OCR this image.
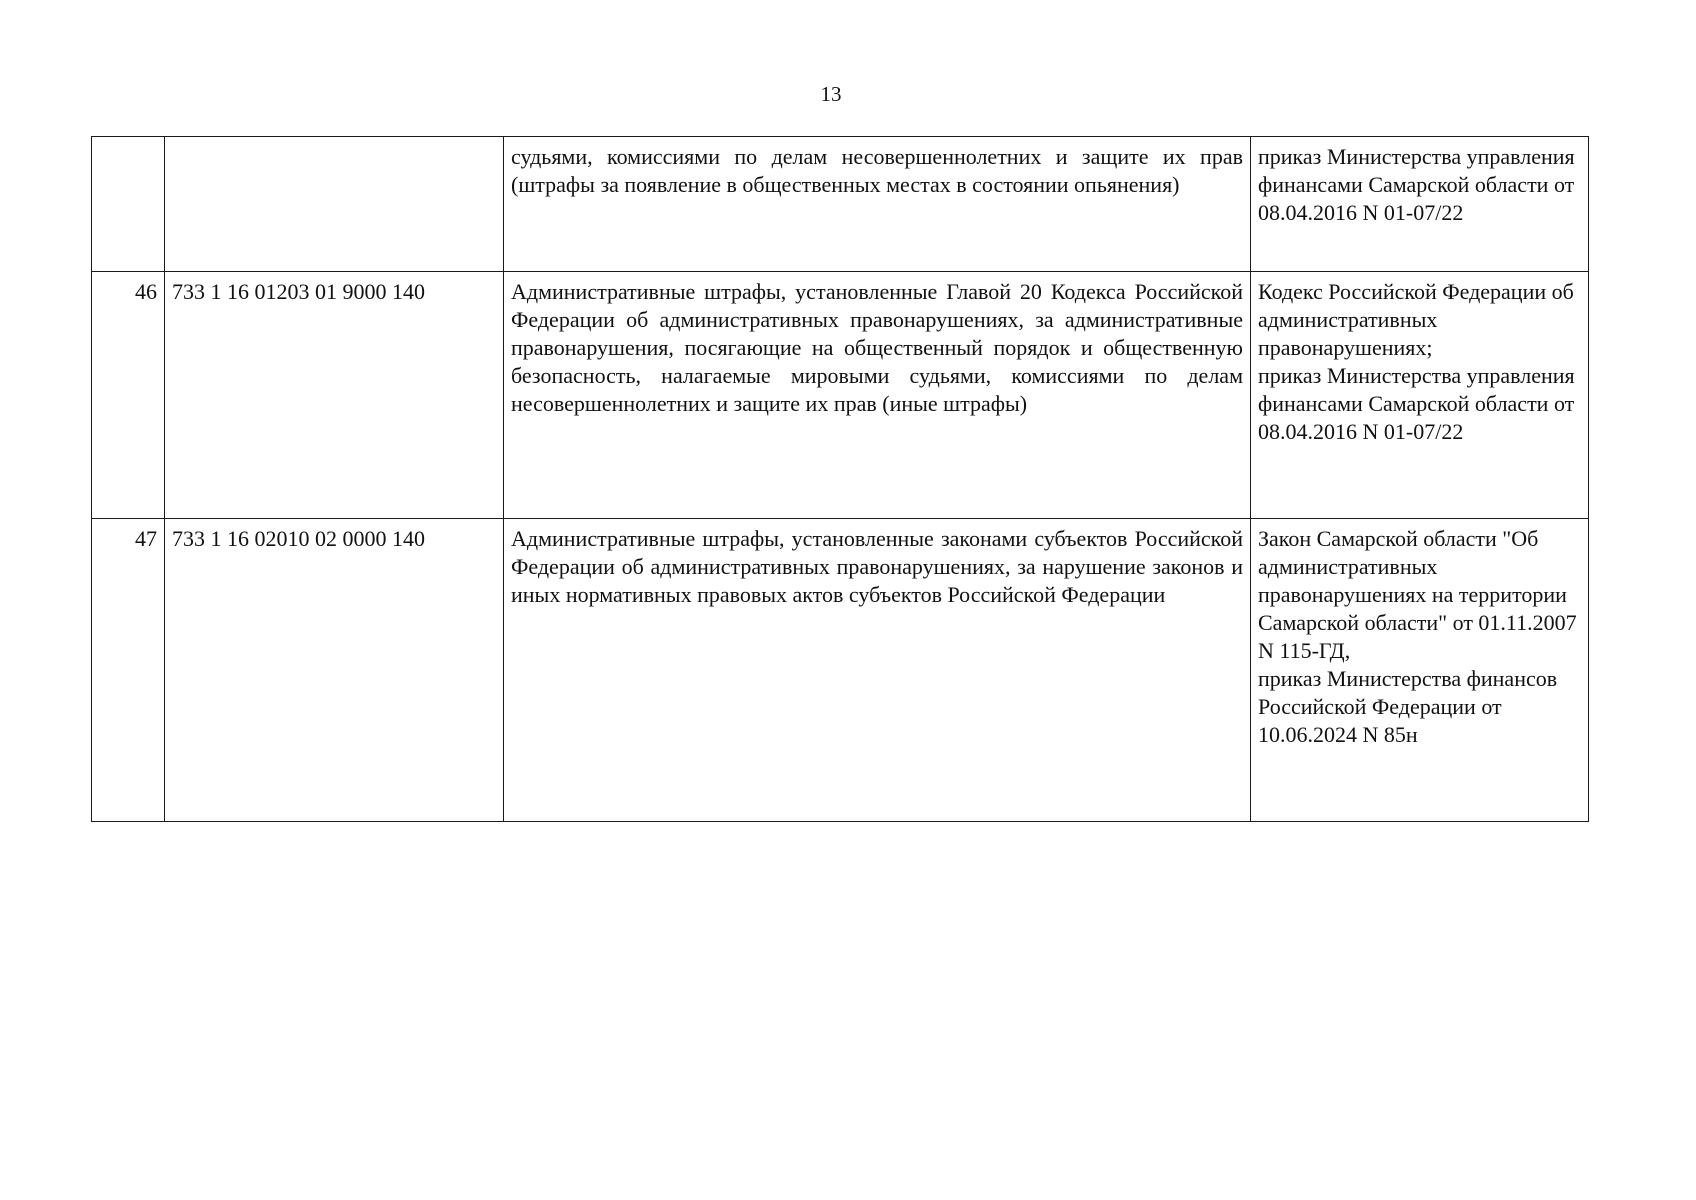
13
		судьями, комиссиями по делам несовершеннолетних и защите их прав (штрафы за появление в общественных местах в состоянии опьянения)	приказ Министерства управления финансами Самарской области от 08.04.2016 N 01-07/22
46	733 1 16 01203 01 9000 140	Административные штрафы, установленные Главой 20 Кодекса Российской Федерации об административных правонарушениях, за административные правонарушения, посягающие на общественный порядок и общественную безопасность, налагаемые мировыми судьями, комиссиями по делам несовершеннолетних и защите их прав (иные штрафы)	Кодекс Российской Федерации об административных правонарушениях;
приказ Министерства управления финансами Самарской области от 08.04.2016 N 01-07/22
47	733 1 16 02010 02 0000 140	Административные штрафы, установленные законами субъектов Российской Федерации об административных правонарушениях, за нарушение законов и иных нормативных правовых актов субъектов Российской Федерации	Закон Самарской области "Об административных правонарушениях на территории Самарской области" от 01.11.2007 N 115-ГД,
приказ Министерства финансов Российской Федерации от 10.06.2024 N 85н
